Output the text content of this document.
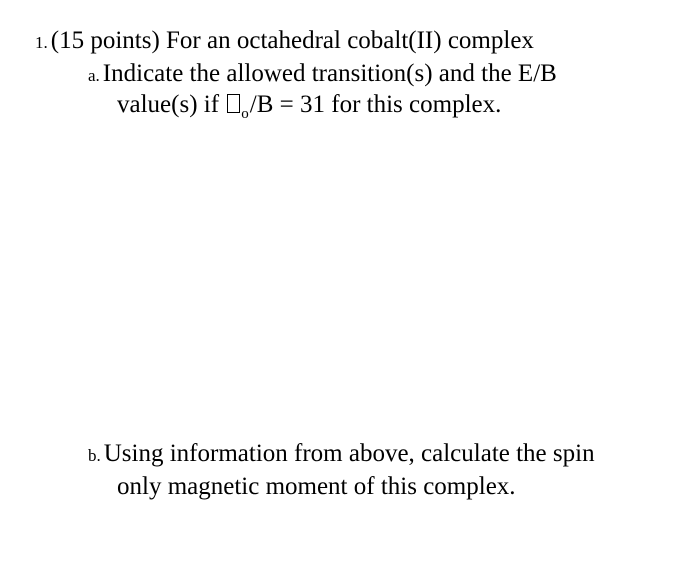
1. (15 points) For an octahedral cobalt(II) complex
a. Indicate the allowed transition(s) and the E/B
value(s) if $_o$/B = 31 for this complex.
b. Using information from above, calculate the spin
only magnetic moment of this complex.
